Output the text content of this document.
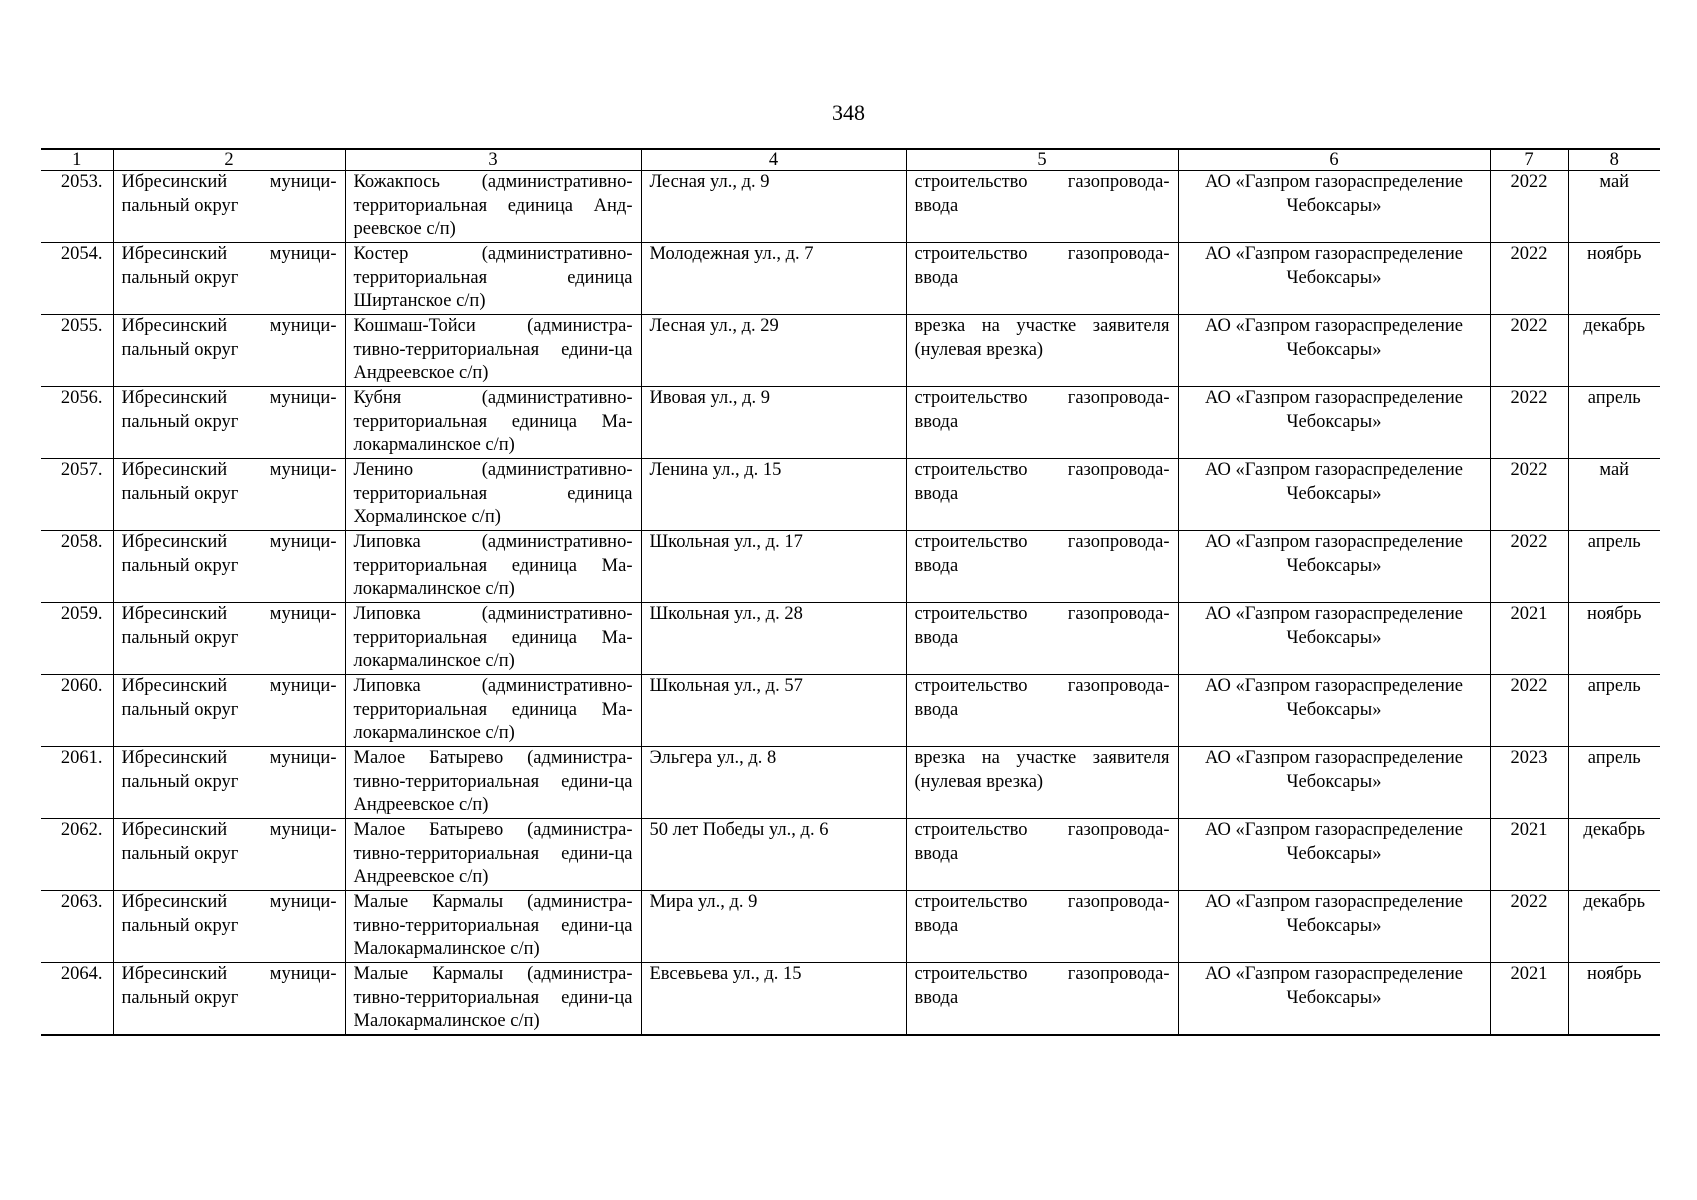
348
1	2	3	4	5	6	7	8
2053.	Ибресинский муници-пальный округ	Кожакпось (административно-территориальная единица Анд-реевское с/п)	Лесная ул., д. 9	строительство газопровода-ввода	АО «Газпром газораспределение Чебоксары»	2022	май
2054.	Ибресинский муници-пальный округ	Костер (административно-территориальная единица Ширтанское с/п)	Молодежная ул., д. 7	строительство газопровода-ввода	АО «Газпром газораспределение Чебоксары»	2022	ноябрь
2055.	Ибресинский муници-пальный округ	Кошмаш-Тойси (администра-тивно-территориальная едини-ца Андреевское с/п)	Лесная ул., д. 29	врезка на участке заявителя (нулевая врезка)	АО «Газпром газораспределение Чебоксары»	2022	декабрь
2056.	Ибресинский муници-пальный округ	Кубня (административно-территориальная единица Ма-локармалинское с/п)	Ивовая ул., д. 9	строительство газопровода-ввода	АО «Газпром газораспределение Чебоксары»	2022	апрель
2057.	Ибресинский муници-пальный округ	Ленино (административно-территориальная единица Хормалинское с/п)	Ленина ул., д. 15	строительство газопровода-ввода	АО «Газпром газораспределение Чебоксары»	2022	май
2058.	Ибресинский муници-пальный округ	Липовка (административно-территориальная единица Ма-локармалинское с/п)	Школьная ул., д. 17	строительство газопровода-ввода	АО «Газпром газораспределение Чебоксары»	2022	апрель
2059.	Ибресинский муници-пальный округ	Липовка (административно-территориальная единица Ма-локармалинское с/п)	Школьная ул., д. 28	строительство газопровода-ввода	АО «Газпром газораспределение Чебоксары»	2021	ноябрь
2060.	Ибресинский муници-пальный округ	Липовка (административно-территориальная единица Ма-локармалинское с/п)	Школьная ул., д. 57	строительство газопровода-ввода	АО «Газпром газораспределение Чебоксары»	2022	апрель
2061.	Ибресинский муници-пальный округ	Малое Батырево (администра-тивно-территориальная едини-ца Андреевское с/п)	Эльгера ул., д. 8	врезка на участке заявителя (нулевая врезка)	АО «Газпром газораспределение Чебоксары»	2023	апрель
2062.	Ибресинский муници-пальный округ	Малое Батырево (администра-тивно-территориальная едини-ца Андреевское с/п)	50 лет Победы ул., д. 6	строительство газопровода-ввода	АО «Газпром газораспределение Чебоксары»	2021	декабрь
2063.	Ибресинский муници-пальный округ	Малые Кармалы (администра-тивно-территориальная едини-ца Малокармалинское с/п)	Мира ул., д. 9	строительство газопровода-ввода	АО «Газпром газораспределение Чебоксары»	2022	декабрь
2064.	Ибресинский муници-пальный округ	Малые Кармалы (администра-тивно-территориальная едини-ца Малокармалинское с/п)	Евсевьева ул., д. 15	строительство газопровода-ввода	АО «Газпром газораспределение Чебоксары»	2021	ноябрь
